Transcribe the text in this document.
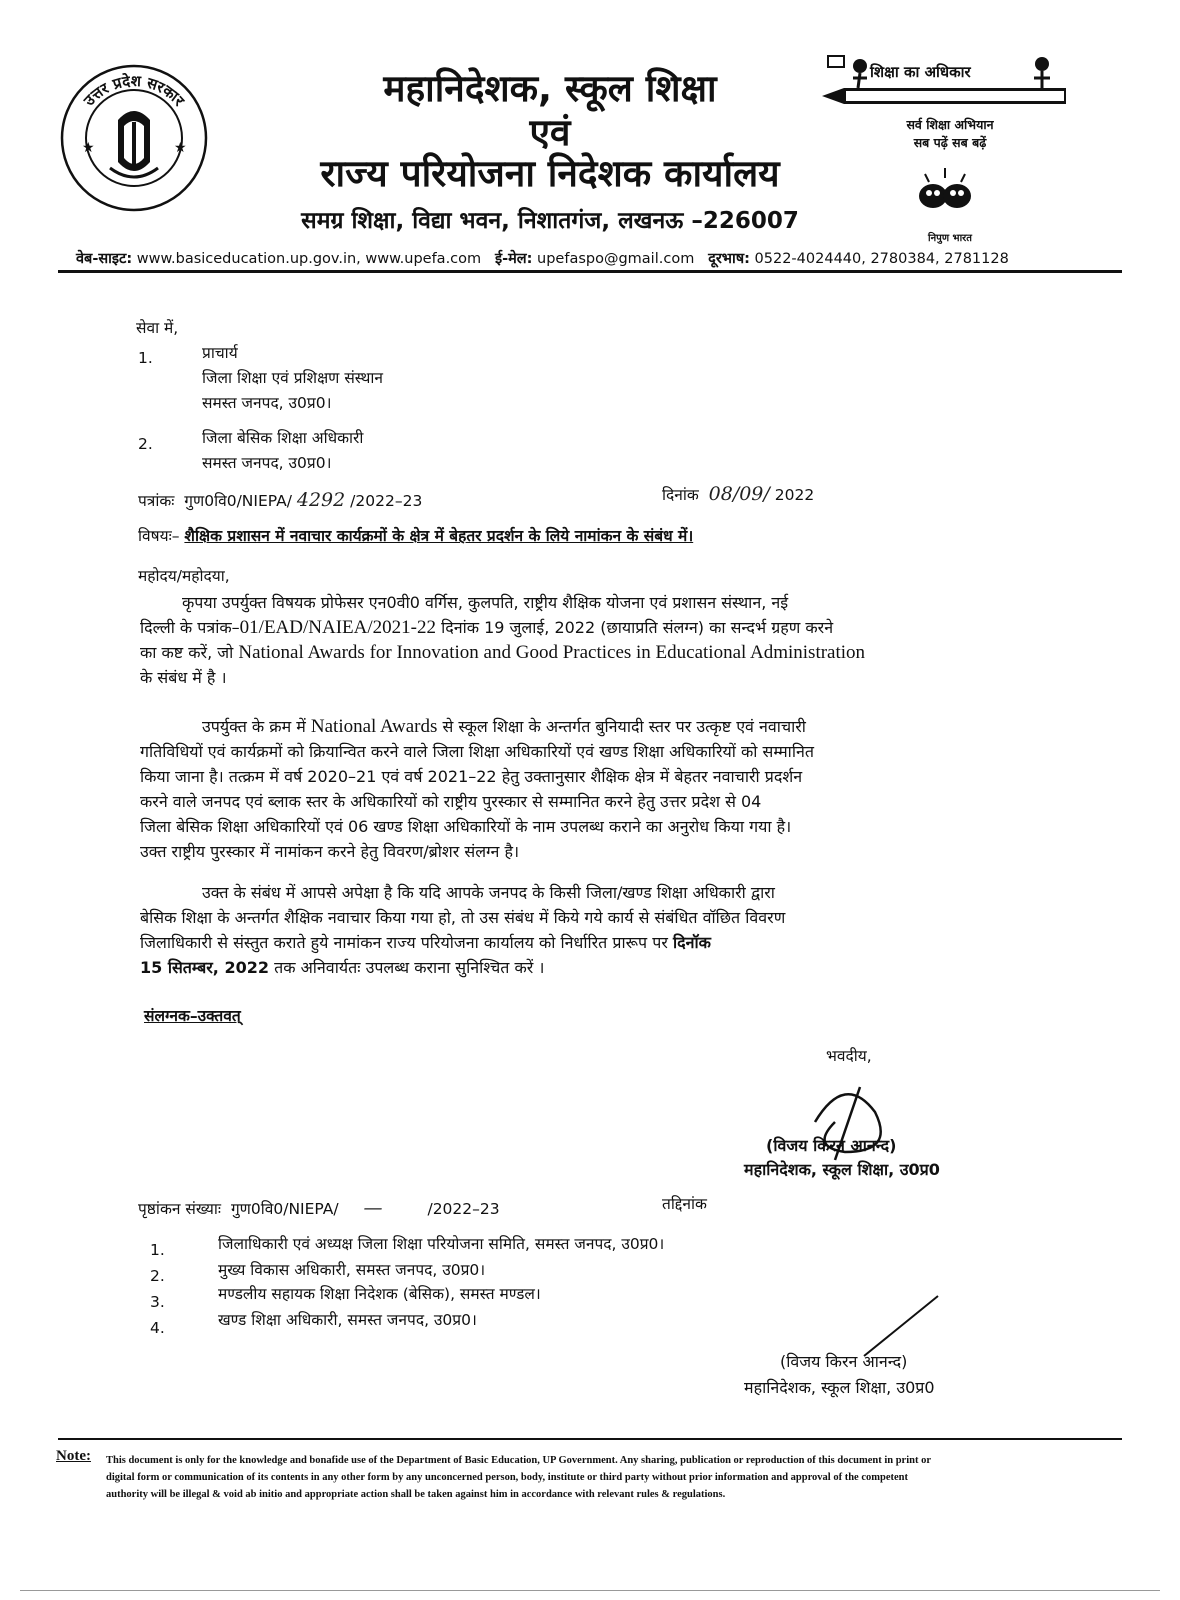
उत्तर प्रदेश सरकार
★	★
महानिदेशक, स्कूल शिक्षा
एवं
राज्य परियोजना निदेशक कार्यालय
समग्र शिक्षा, विद्या भवन, निशातगंज, लखनऊ –226007
शिक्षा का अधिकार
सर्व शिक्षा अभियान
सब पढ़ें सब बढ़ें
निपुण भारत
वेब-साइट: www.basiceducation.up.gov.in, www.upefa.com ई-मेल: upefaspo@gmail.com दूरभाष: 0522-4024440, 2780384, 2781128
सेवा में,
1.	प्राचार्य
जिला शिक्षा एवं प्रशिक्षण संस्थान
समस्त जनपद, उ0प्र0।
2.	जिला बेसिक शिक्षा अधिकारी
समस्त जनपद, उ0प्र0।
पत्रांकः गुण0वि0/NIEPA/ 4292 /2022–23	दिनांक 08/09/ 2022
विषयः– शैक्षिक प्रशासन में नवाचार कार्यक्रमों के क्षेत्र में बेहतर प्रदर्शन के लिये नामांकन के संबंध में।
महोदय/महोदया,
कृपया उपर्युक्त विषयक प्रोफेसर एन0वी0 वर्गिस, कुलपति, राष्ट्रीय शैक्षिक योजना एवं प्रशासन संस्थान, नई
दिल्ली के पत्रांक–01/EAD/NAIEA/2021-22 दिनांक 19 जुलाई, 2022 (छायाप्रति संलग्न) का सन्दर्भ ग्रहण करने
का कष्ट करें, जो National Awards for Innovation and Good Practices in Educational Administration
के संबंध में है ।
उपर्युक्त के क्रम में National Awards से स्कूल शिक्षा के अन्तर्गत बुनियादी स्तर पर उत्कृष्ट एवं नवाचारी
गतिविधियों एवं कार्यक्रमों को क्रियान्वित करने वाले जिला शिक्षा अधिकारियों एवं खण्ड शिक्षा अधिकारियों को सम्मानित
किया जाना है। तत्क्रम में वर्ष 2020–21 एवं वर्ष 2021–22 हेतु उक्तानुसार शैक्षिक क्षेत्र में बेहतर नवाचारी प्रदर्शन
करने वाले जनपद एवं ब्लाक स्तर के अधिकारियों को राष्ट्रीय पुरस्कार से सम्मानित करने हेतु उत्तर प्रदेश से 04
जिला बेसिक शिक्षा अधिकारियों एवं 06 खण्ड शिक्षा अधिकारियों के नाम उपलब्ध कराने का अनुरोध किया गया है।
उक्त राष्ट्रीय पुरस्कार में नामांकन करने हेतु विवरण/ब्रोशर संलग्न है।
उक्त के संबंध में आपसे अपेक्षा है कि यदि आपके जनपद के किसी जिला/खण्ड शिक्षा अधिकारी द्वारा
बेसिक शिक्षा के अन्तर्गत शैक्षिक नवाचार किया गया हो, तो उस संबंध में किये गये कार्य से संबंधित वॉछित विवरण
जिलाधिकारी से संस्तुत कराते हुये नामांकन राज्य परियोजना कार्यालय को निर्धारित प्रारूप पर दिनॉक
15 सितम्बर, 2022 तक अनिवार्यतः उपलब्ध कराना सुनिश्चित करें ।
संलग्नक–उक्तवत्
भवदीय,
(विजय किरन आनन्द)
महानिदेशक, स्कूल शिक्षा, उ0प्र0
पृष्ठांकन संख्याः गुण0वि0/NIEPA/ —	/2022–23	तद्दिनांक
1.	जिलाधिकारी एवं अध्यक्ष जिला शिक्षा परियोजना समिति, समस्त जनपद, उ0प्र0।
2.	मुख्य विकास अधिकारी, समस्त जनपद, उ0प्र0।
3.	मण्डलीय सहायक शिक्षा निदेशक (बेसिक), समस्त मण्डल।
4.	खण्ड शिक्षा अधिकारी, समस्त जनपद, उ0प्र0।
(विजय किरन आनन्द)
महानिदेशक, स्कूल शिक्षा, उ0प्र0
Note: This document is only for the knowledge and bonafide use of the Department of Basic Education, UP Government. Any sharing, publication or reproduction of this document in print or
digital form or communication of its contents in any other form by any unconcerned person, body, institute or third party without prior information and approval of the competent
authority will be illegal & void ab initio and appropriate action shall be taken against him in accordance with relevant rules & regulations.
